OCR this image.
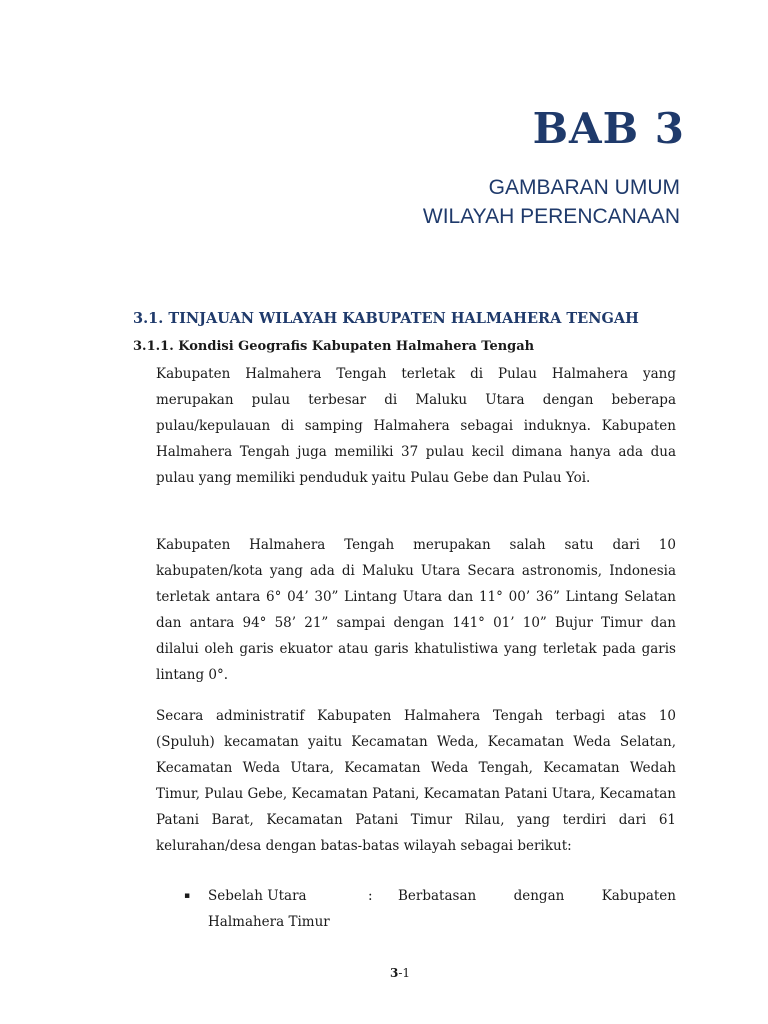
BAB 3
GAMBARAN UMUM
WILAYAH PERENCANAAN
3.1. TINJAUAN WILAYAH KABUPATEN HALMAHERA TENGAH
3.1.1. Kondisi Geografis Kabupaten Halmahera Tengah

Kabupaten Halmahera Tengah terletak di Pulau Halmahera yang merupakan pulau terbesar di Maluku Utara dengan beberapa pulau/kepulauan di samping Halmahera sebagai induknya. Kabupaten Halmahera Tengah juga memiliki 37 pulau kecil dimana hanya ada dua pulau yang memiliki penduduk yaitu Pulau Gebe dan Pulau Yoi.

Kabupaten Halmahera Tengah merupakan salah satu dari 10 kabupaten/kota yang ada di Maluku Utara Secara astronomis, Indonesia terletak antara 6° 04’ 30” Lintang Utara dan 11° 00’ 36” Lintang Selatan dan antara 94° 58’ 21” sampai dengan 141° 01’ 10” Bujur Timur dan dilalui oleh garis ekuator atau garis khatulistiwa yang terletak pada garis lintang 0°.

Secara administratif Kabupaten Halmahera Tengah terbagi atas 10 (Spuluh) kecamatan yaitu Kecamatan Weda, Kecamatan Weda Selatan, Kecamatan Weda Utara, Kecamatan Weda Tengah, Kecamatan Wedah Timur, Pulau Gebe, Kecamatan Patani, Kecamatan Patani Utara, Kecamatan Patani Barat, Kecamatan Patani Timur Rilau, yang terdiri dari 61 kelurahan/desa dengan batas-batas wilayah sebagai berikut:

▪	Sebelah Utara	: Berbatasan dengan Kabupaten Halmahera Timur
3-1
